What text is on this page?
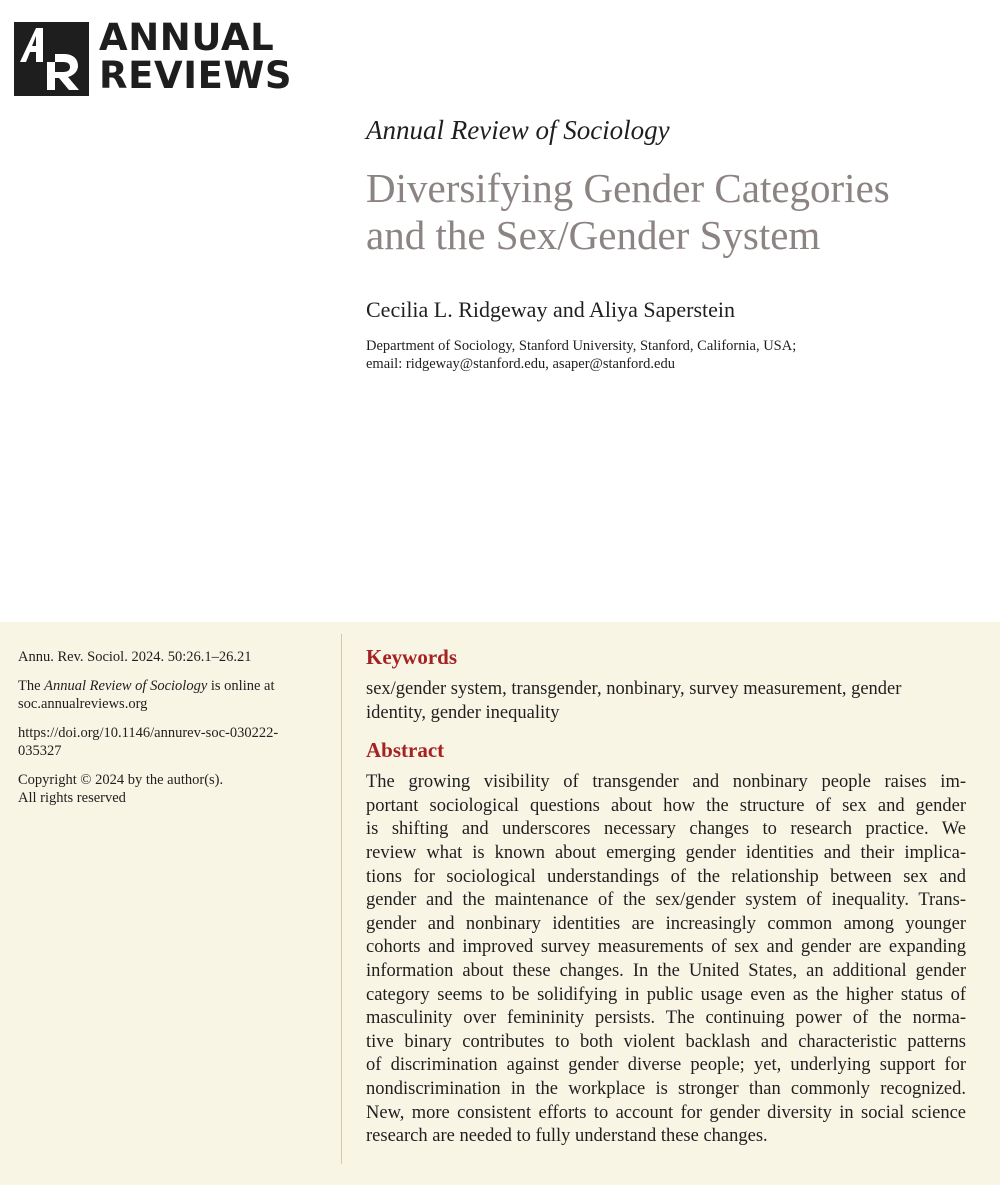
ANNUAL
REVIEWS
Annual Review of Sociology
Diversifying Gender Categories
and the Sex/Gender System
Cecilia L. Ridgeway and Aliya Saperstein
Department of Sociology, Stanford University, Stanford, California, USA;
email: ridgeway@stanford.edu, asaper@stanford.edu

Annu. Rev. Sociol. 2024. 50:26.1–26.21

The Annual Review of Sociology is online at
soc.annualreviews.org

https://doi.org/10.1146/annurev-soc-030222-
035327

Copyright © 2024 by the author(s).
All rights reserved

Keywords
sex/gender system, transgender, nonbinary, survey measurement, gender
identity, gender inequality
Abstract
The growing visibility of transgender and nonbinary people raises im-
portant sociological questions about how the structure of sex and gender
is shifting and underscores necessary changes to research practice. We
review what is known about emerging gender identities and their implica-
tions for sociological understandings of the relationship between sex and
gender and the maintenance of the sex/gender system of inequality. Trans-
gender and nonbinary identities are increasingly common among younger
cohorts and improved survey measurements of sex and gender are expanding
information about these changes. In the United States, an additional gender
category seems to be solidifying in public usage even as the higher status of
masculinity over femininity persists. The continuing power of the norma-
tive binary contributes to both violent backlash and characteristic patterns
of discrimination against gender diverse people; yet, underlying support for
nondiscrimination in the workplace is stronger than commonly recognized.
New, more consistent efforts to account for gender diversity in social science
research are needed to fully understand these changes.
